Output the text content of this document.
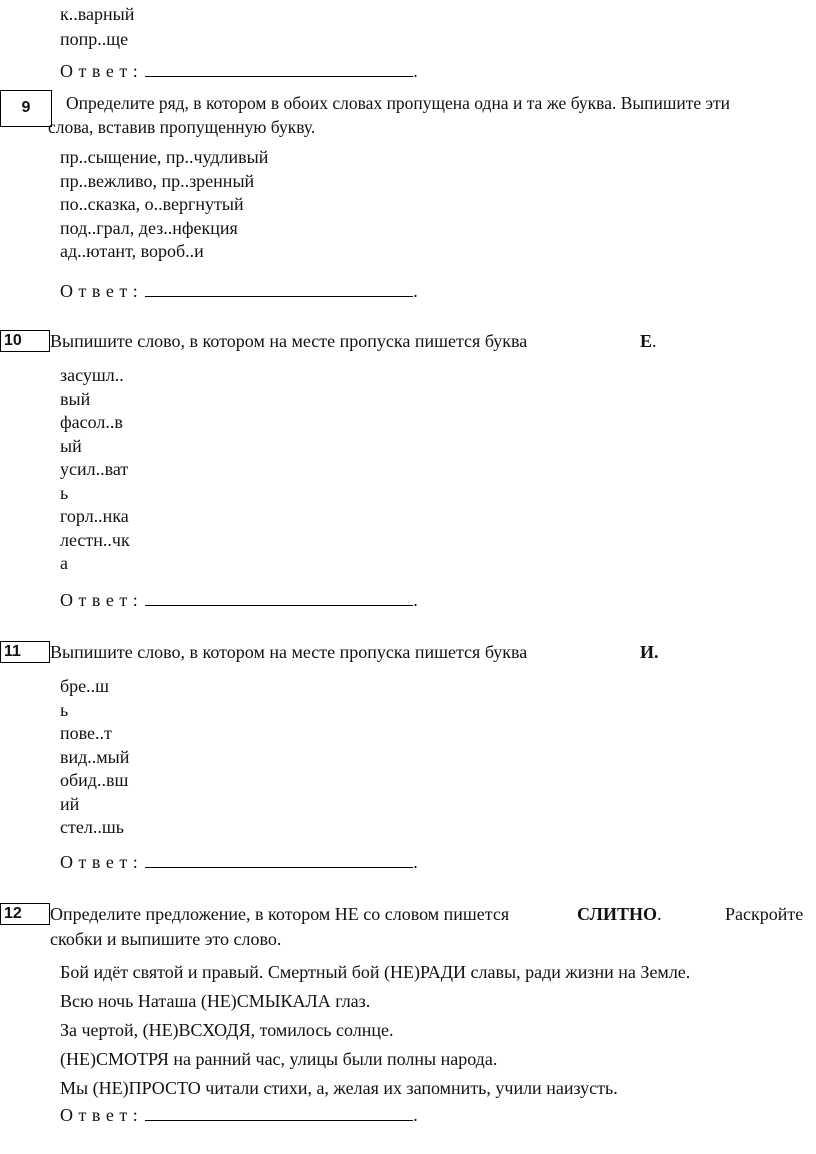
к..варный
попр..ще
О т в е т :	.
9 Определите ряд, в котором в обоих словах пропущена одна и та же буква. Выпишите эти
слова, вставив пропущенную букву.
пр..сыщение, пр..чудливый
пр..вежливо, пр..зренный
по..сказка, о..вергнутый
под..грал, дез..нфекция
ад..ютант, вороб..и
О т в е т :	.
10 Выпишите слово, в котором на месте пропуска пишется буква	Е.
засушл..
вый
фасол..в
ый
усил..ват
ь
горл..нка
лестн..чк
а
О т в е т :	.
11 Выпишите слово, в котором на месте пропуска пишется буква	И.
бре..ш
ь
пове..т
вид..мый
обид..вш
ий
стел..шь
О т в е т :	.
12 Определите предложение, в котором НЕ со словом пишется	СЛИТНО.	Раскройте
скобки и выпишите это слово.
Бой идёт святой и правый. Смертный бой (НЕ)РАДИ славы, ради жизни на Земле.
Всю ночь Наташа (НЕ)СМЫКАЛА глаз.
За чертой, (НЕ)ВСХОДЯ, томилось солнце.
(НЕ)СМОТРЯ на ранний час, улицы были полны народа.
Мы (НЕ)ПРОСТО читали стихи, а, желая их запомнить, учили наизусть.
О т в е т :	.
